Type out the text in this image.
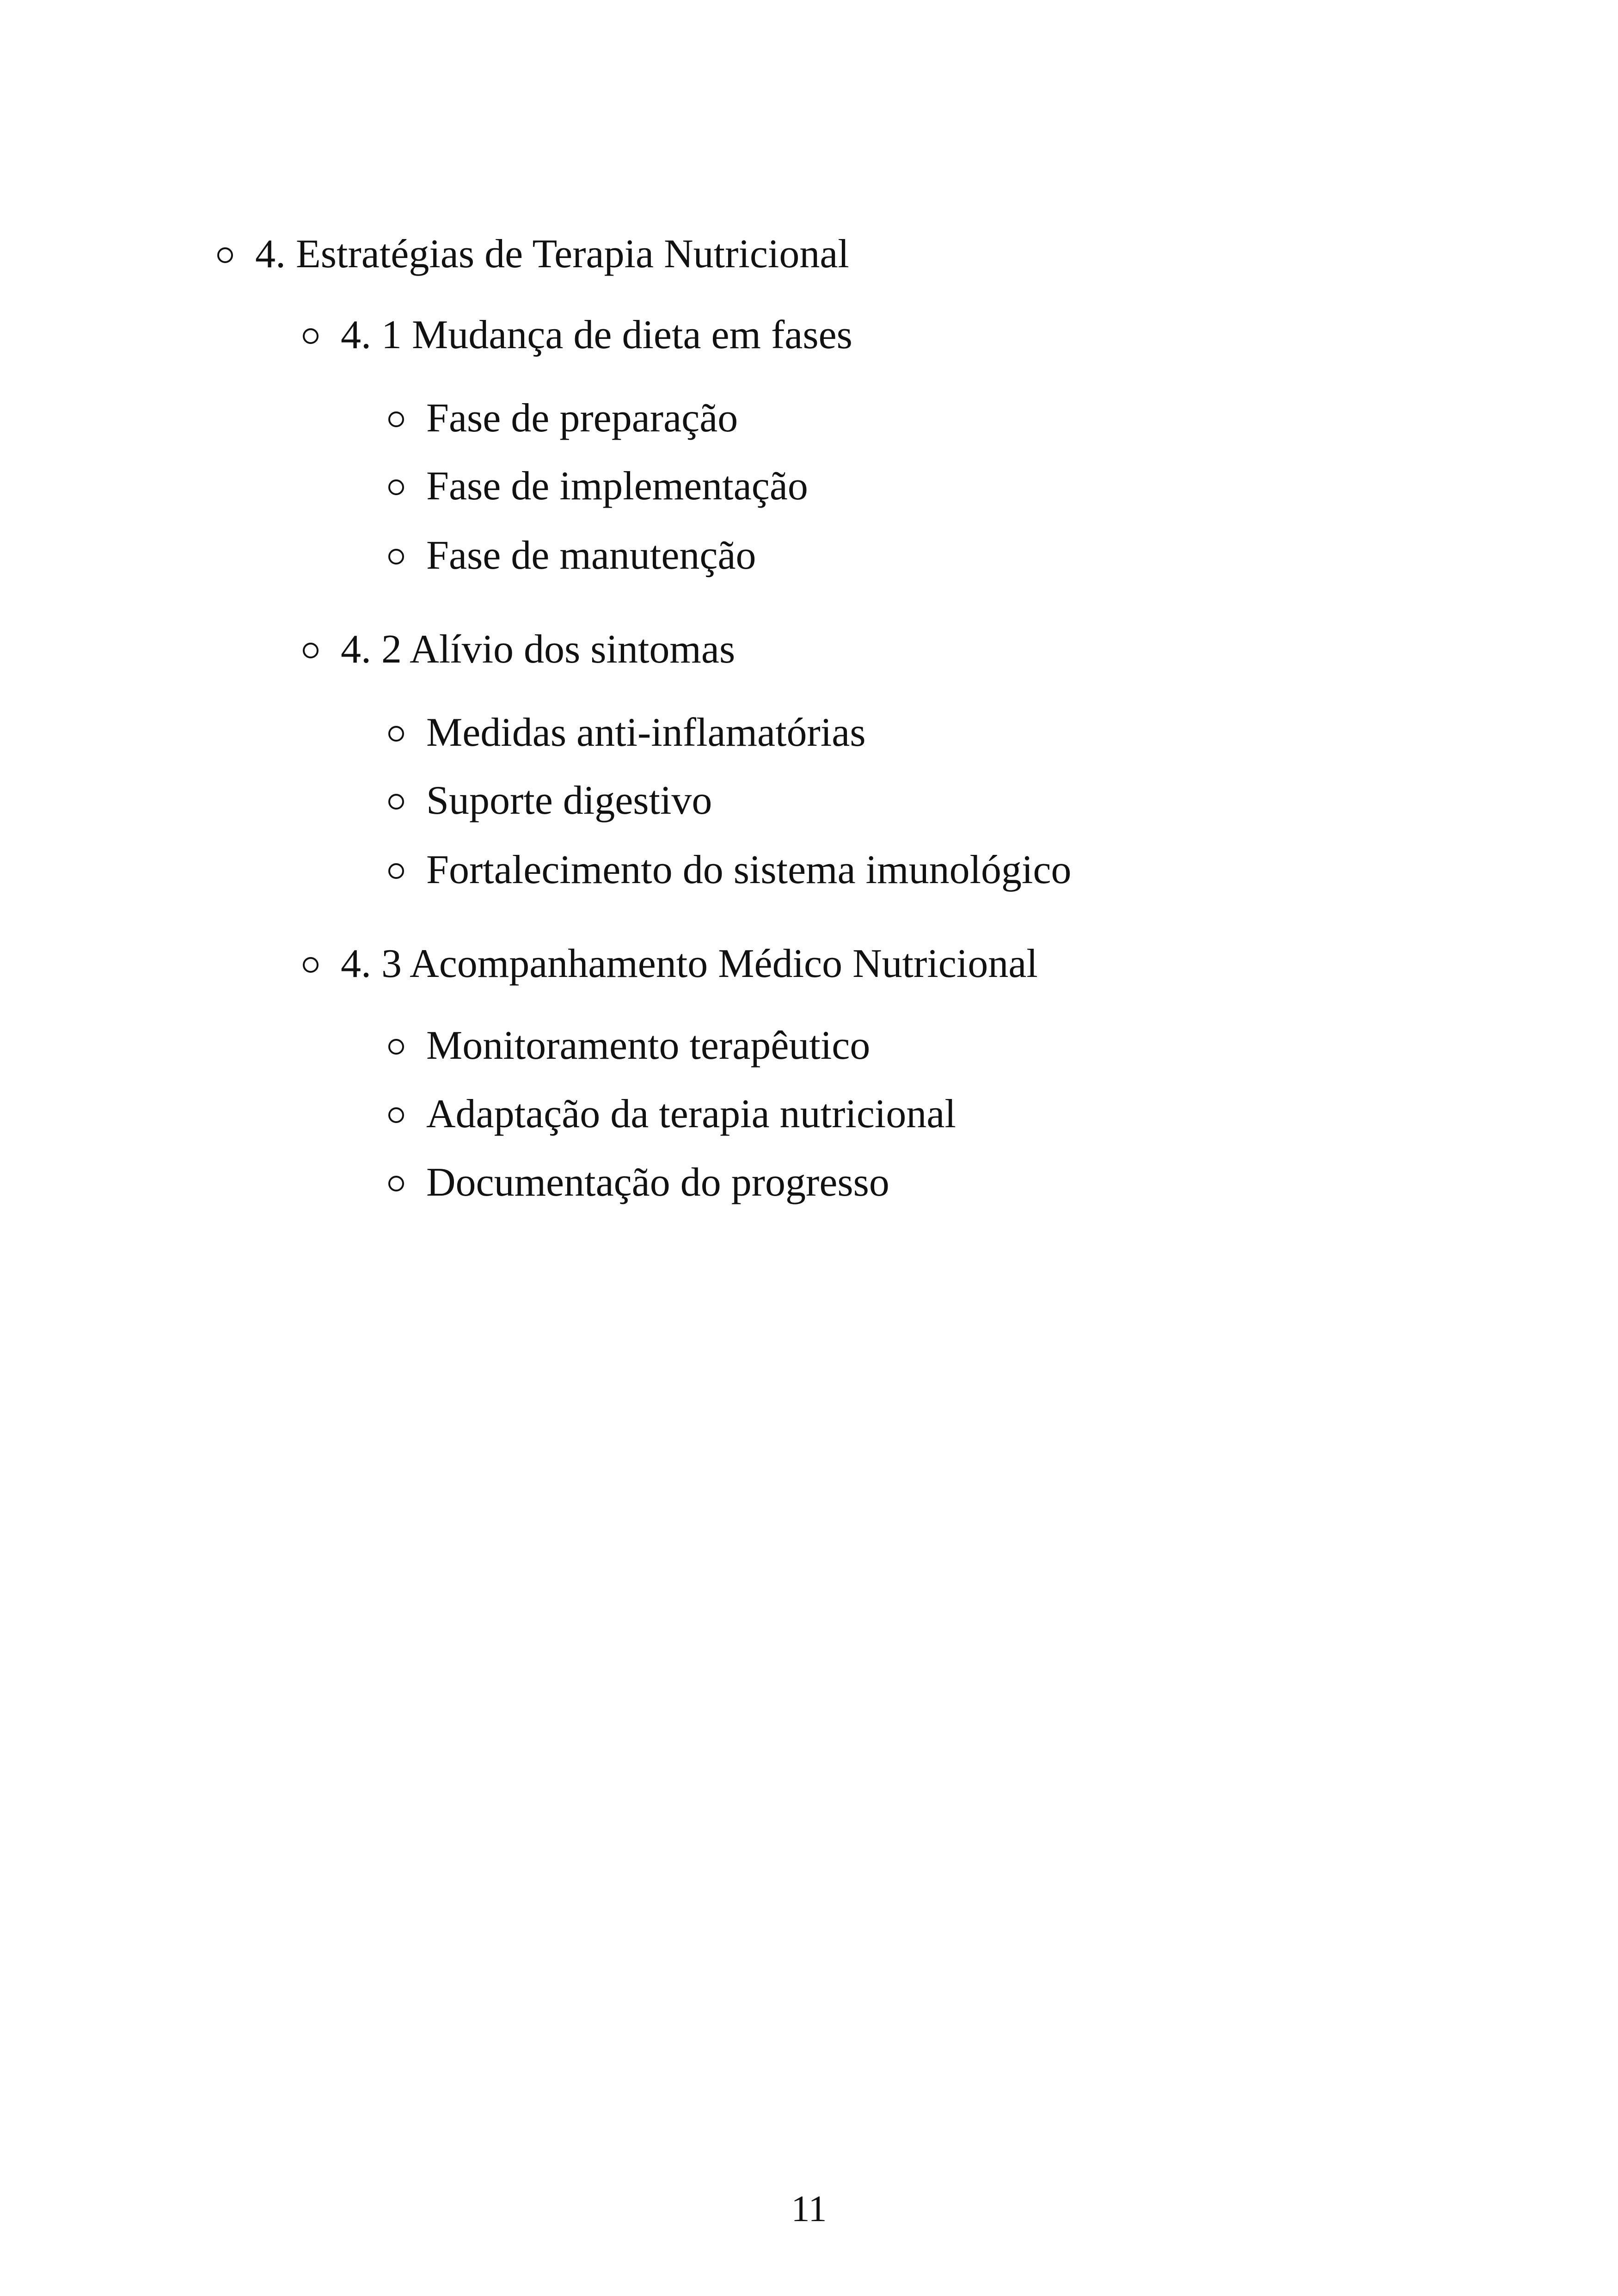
4. Estratégias de Terapia Nutricional
4. 1 Mudança de dieta em fases
Fase de preparação
Fase de implementação
Fase de manutenção
4. 2 Alívio dos sintomas
Medidas anti-inflamatórias
Suporte digestivo
Fortalecimento do sistema imunológico
4. 3 Acompanhamento Médico Nutricional
Monitoramento terapêutico
Adaptação da terapia nutricional
Documentação do progresso
11
